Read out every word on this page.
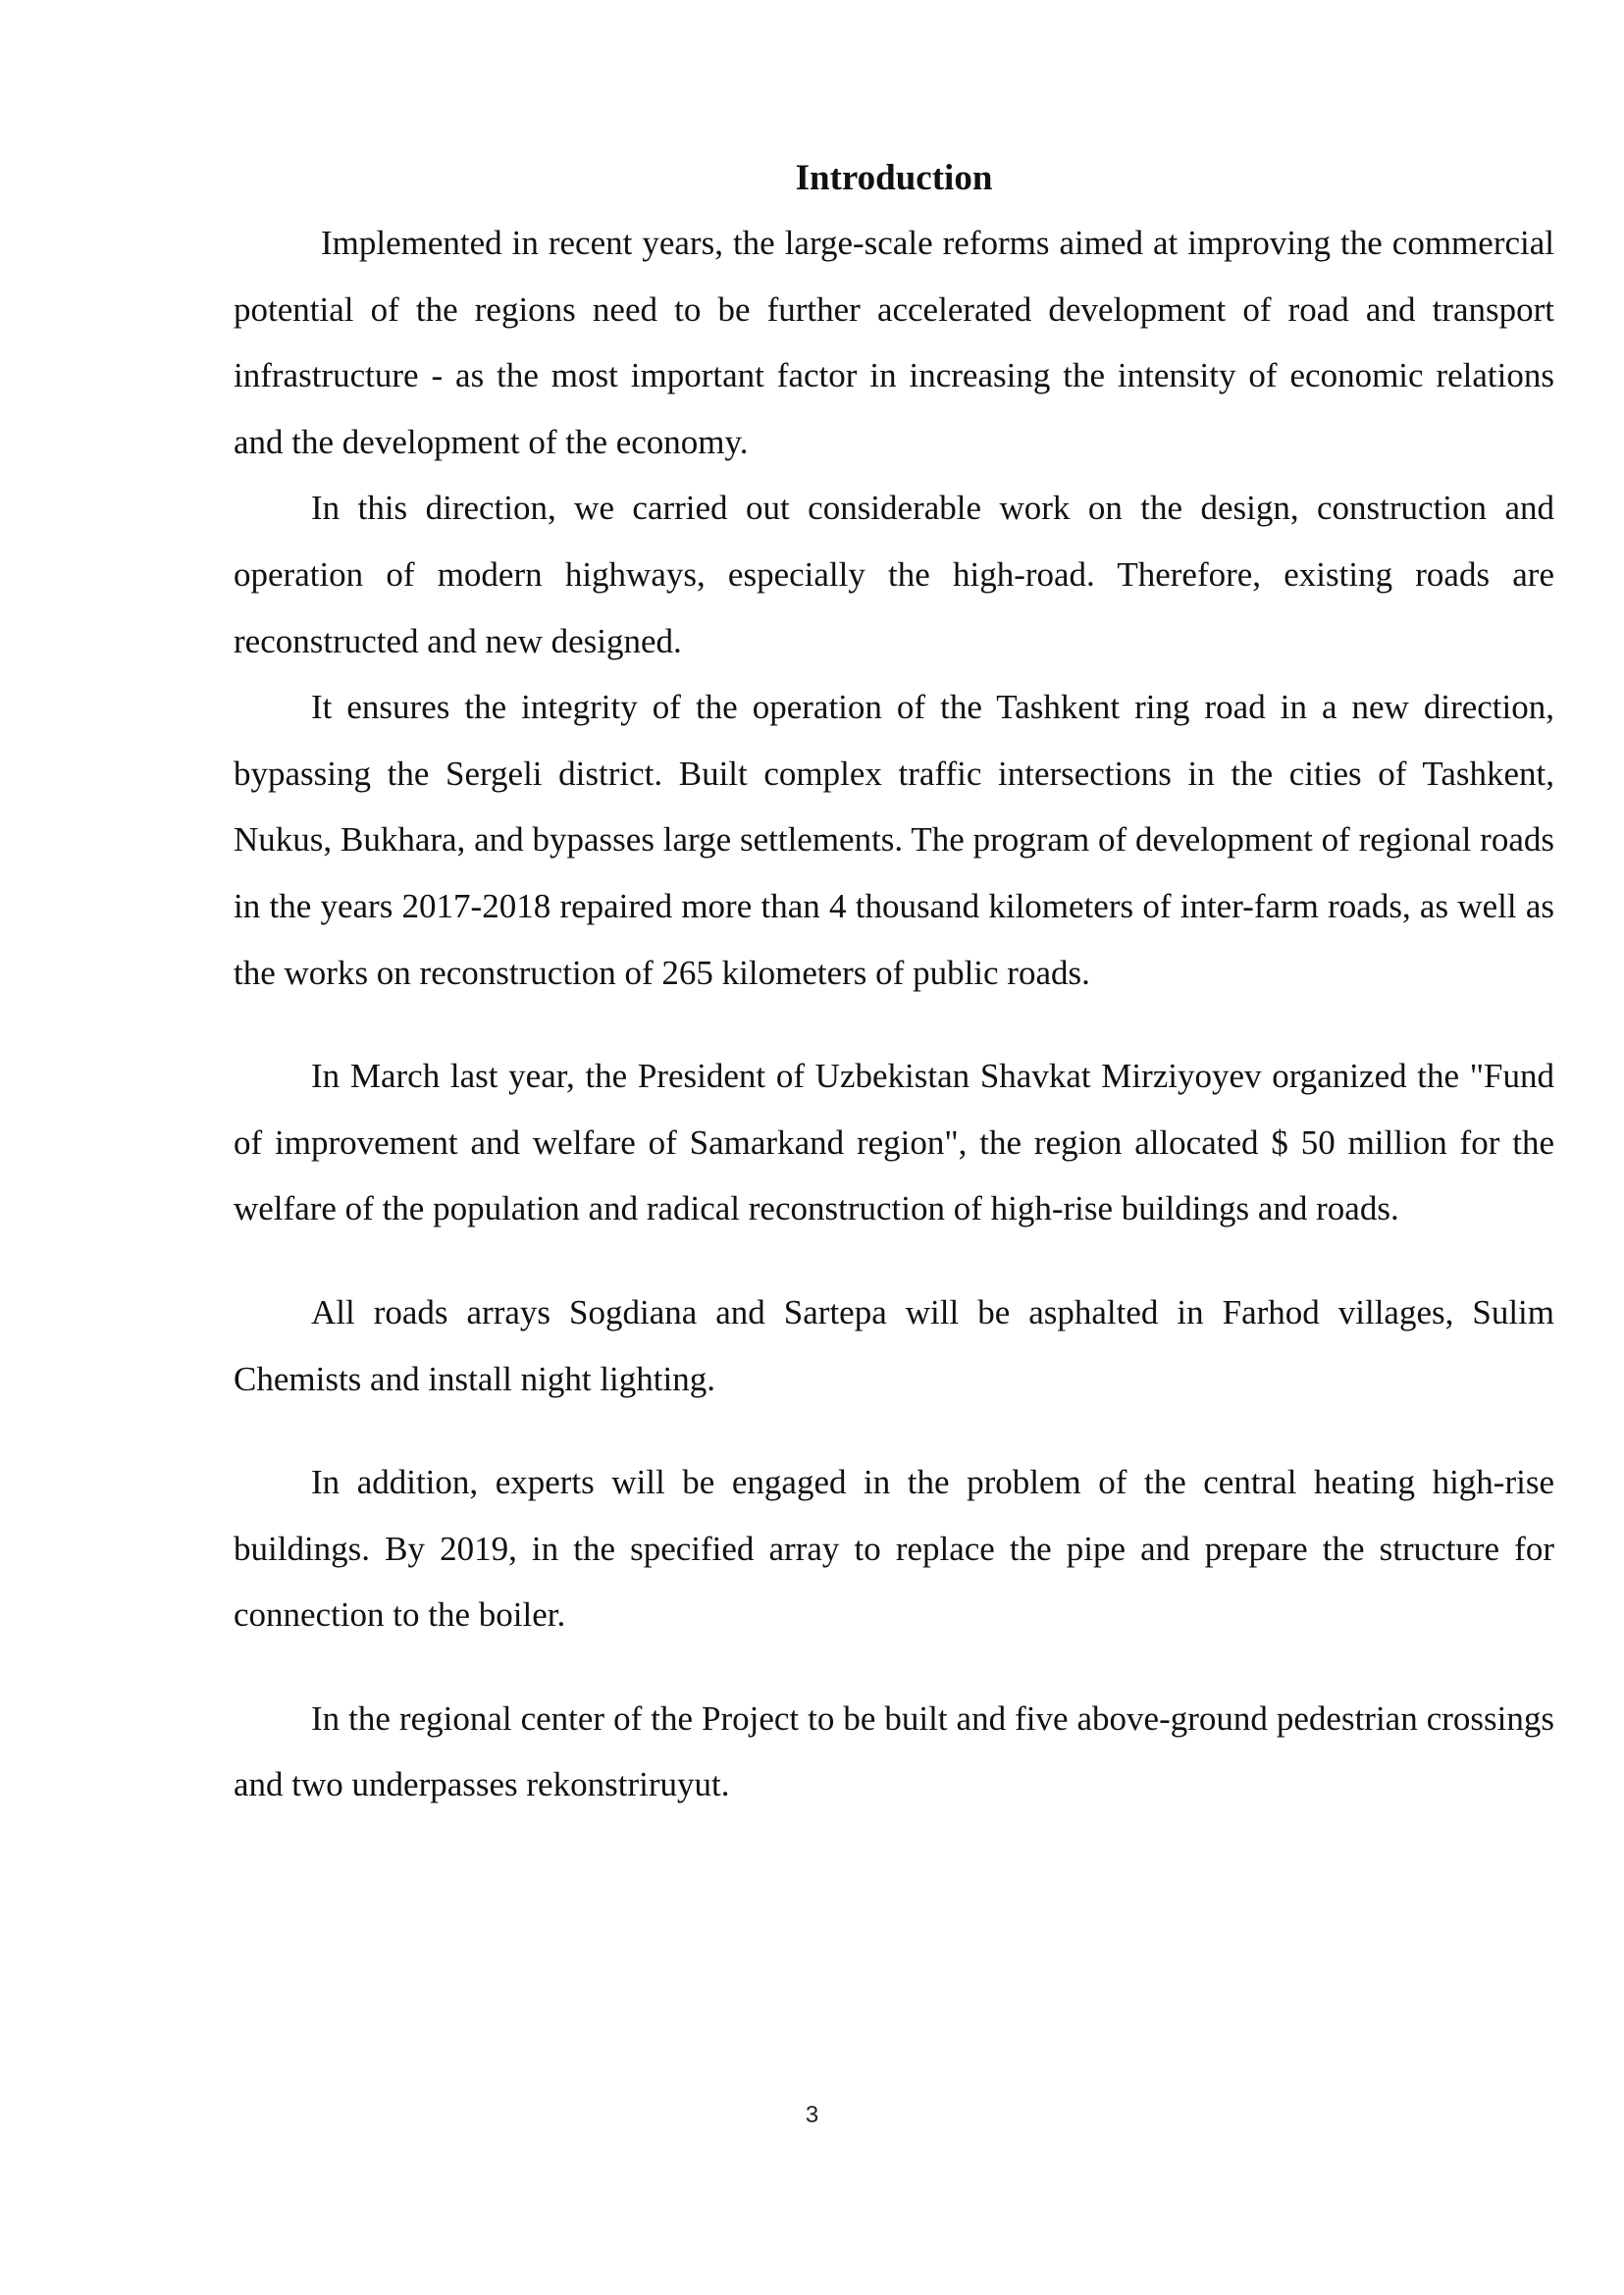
Introduction

Implemented in recent years, the large-scale reforms aimed at improving the commercial potential of the regions need to be further accelerated development of road and transport infrastructure - as the most important factor in increasing the intensity of economic relations and the development of the economy.

In this direction, we carried out considerable work on the design, construction and operation of modern highways, especially the high-road. Therefore, existing roads are reconstructed and new designed.

It ensures the integrity of the operation of the Tashkent ring road in a new direction, bypassing the Sergeli district. Built complex traffic intersections in the cities of Tashkent, Nukus, Bukhara, and bypasses large settlements. The program of development of regional roads in the years 2017-2018 repaired more than 4 thousand kilometers of inter-farm roads, as well as the works on reconstruction of 265 kilometers of public roads.

In March last year, the President of Uzbekistan Shavkat Mirziyoyev organized the "Fund of improvement and welfare of Samarkand region", the region allocated $ 50 million for the welfare of the population and radical reconstruction of high-rise buildings and roads.

All roads arrays Sogdiana and Sartepa will be asphalted in Farhod villages, Sulim Chemists and install night lighting.

In addition, experts will be engaged in the problem of the central heating high-rise buildings. By 2019, in the specified array to replace the pipe and prepare the structure for connection to the boiler.

In the regional center of the Project to be built and five above-ground pedestrian crossings and two underpasses rekonstriruyut.

3
